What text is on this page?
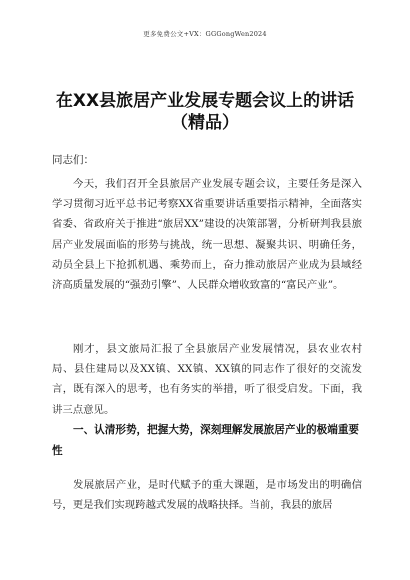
更多免费公文+VX：GGGongWen2024
在XX县旅居产业发展专题会议上的讲话
（精品）
同志们：

今天，我们召开全县旅居产业发展专题会议，主要任务是深入学习贯彻习近平总书记考察XX省重要讲话重要指示精神，全面落实省委、省政府关于推进“旅居XX”建设的决策部署，分析研判我县旅居产业发展面临的形势与挑战，统一思想、凝聚共识、明确任务，动员全县上下抢抓机遇、乘势而上，奋力推动旅居产业成为县域经济高质量发展的“强劲引擎”、人民群众增收致富的“富民产业”。

刚才，县文旅局汇报了全县旅居产业发展情况，县农业农村局、县住建局以及XX镇、XX镇、XX镇的同志作了很好的交流发言，既有深入的思考，也有务实的举措，听了很受启发。下面，我讲三点意见。

一、认清形势，把握大势，深刻理解发展旅居产业的极端重要性

发展旅居产业，是时代赋予的重大课题，是市场发出的明确信号，更是我们实现跨越式发展的战略抉择。当前，我县的旅居
